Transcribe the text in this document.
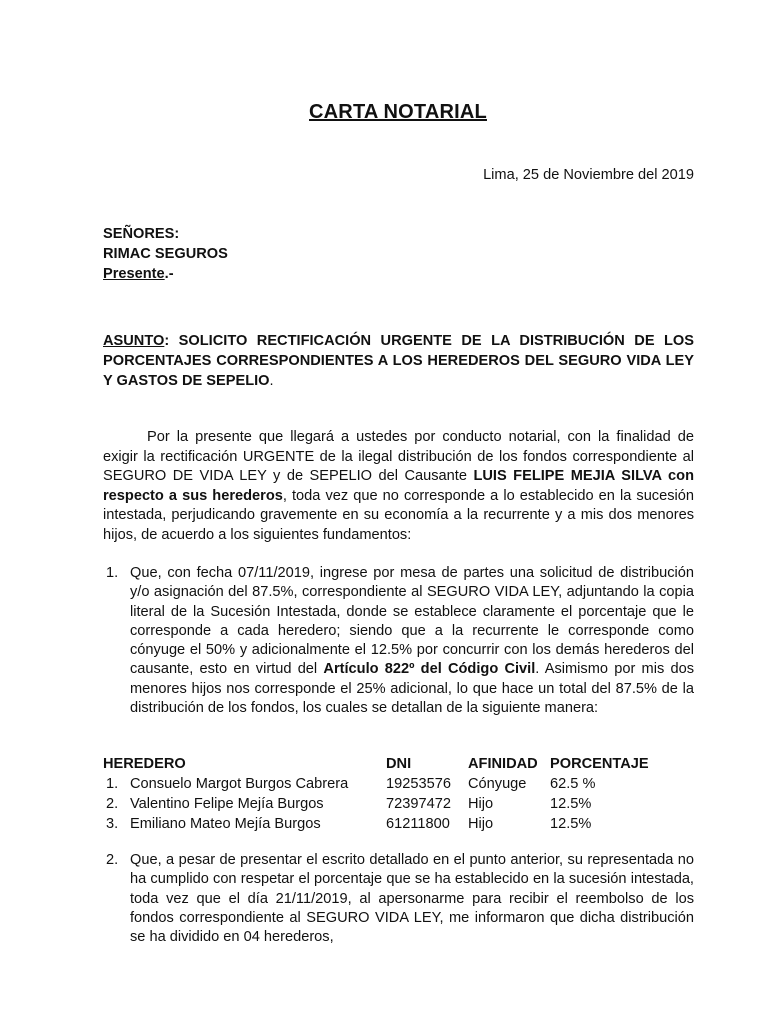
CARTA NOTARIAL
Lima, 25 de Noviembre del 2019
SEÑORES:
RIMAC SEGUROS
Presente.-
ASUNTO: SOLICITO RECTIFICACIÓN URGENTE DE LA DISTRIBUCIÓN DE LOS PORCENTAJES CORRESPONDIENTES A LOS HEREDEROS DEL SEGURO VIDA LEY Y GASTOS DE SEPELIO.
Por la presente que llegará a ustedes por conducto notarial, con la finalidad de exigir la rectificación URGENTE de la ilegal distribución de los fondos correspondiente al SEGURO DE VIDA LEY y de SEPELIO del Causante LUIS FELIPE MEJIA SILVA con respecto a sus herederos, toda vez que no corresponde a lo establecido en la sucesión intestada, perjudicando gravemente en su economía a la recurrente y a mis dos menores hijos, de acuerdo a los siguientes fundamentos:
1. Que, con fecha 07/11/2019, ingrese por mesa de partes una solicitud de distribución y/o asignación del 87.5%, correspondiente al SEGURO VIDA LEY, adjuntando la copia literal de la Sucesión Intestada, donde se establece claramente el porcentaje que le corresponde a cada heredero; siendo que a la recurrente le corresponde como cónyuge el 50% y adicionalmente el 12.5% por concurrir con los demás herederos del causante, esto en virtud del Artículo 822º del Código Civil. Asimismo por mis dos menores hijos nos corresponde el 25% adicional, lo que hace un total del 87.5% de la distribución de los fondos, los cuales se detallan de la siguiente manera:
HEREDERO	DNI	AFINIDAD PORCENTAJE
1. Consuelo Margot Burgos Cabrera	19253576 Cónyuge 62.5 %
2. Valentino Felipe Mejía Burgos	72397472 Hijo	12.5%
3. Emiliano Mateo Mejía Burgos	61211800 Hijo	12.5%
2. Que, a pesar de presentar el escrito detallado en el punto anterior, su representada no ha cumplido con respetar el porcentaje que se ha establecido en la sucesión intestada, toda vez que el día 21/11/2019, al apersonarme para recibir el reembolso de los fondos correspondiente al SEGURO VIDA LEY, me informaron que dicha distribución se ha dividido en 04 herederos,
